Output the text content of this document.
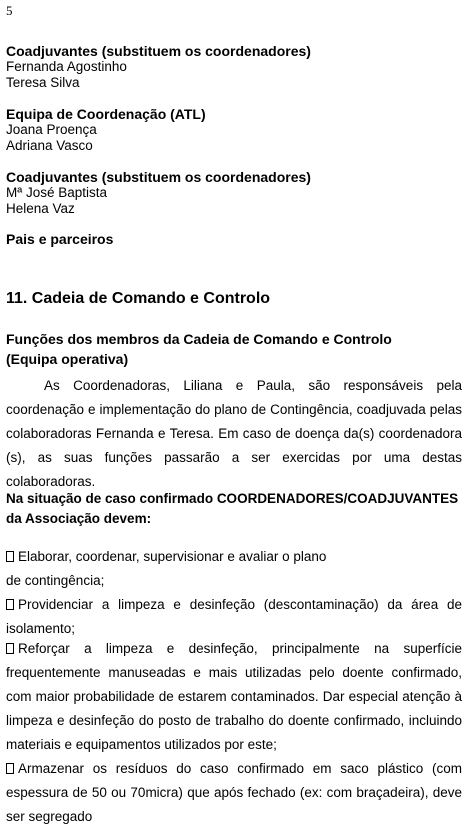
5

Coadjuvantes (substituem os coordenadores)

Fernanda Agostinho

Teresa Silva

Equipa de Coordenação (ATL)

Joana Proença

Adriana Vasco

Coadjuvantes (substituem os coordenadores)

Mª José Baptista

Helena Vaz

Pais e parceiros

11. Cadeia de Comando e Controlo
Funções dos membros da Cadeia de Comando e Controlo
(Equipa operativa)

As Coordenadoras, Liliana e Paula, são responsáveis pela coordenação e implementação do plano de Contingência, coadjuvada pelas colaboradoras Fernanda e Teresa. Em caso de doença da(s) coordenadora (s), as suas funções passarão a ser exercidas por uma destas colaboradoras.

Na situação de caso confirmado COORDENADORES/COADJUVANTES
da Associação devem:

Elaborar, coordenar, supervisionar e avaliar o plano
de contingência;
Providenciar a limpeza e desinfeção (descontaminação) da área de isolamento;
Reforçar a limpeza e desinfeção, principalmente na superfície frequentemente manuseadas e mais utilizadas pelo doente confirmado, com maior probabilidade de estarem contaminados. Dar especial atenção à limpeza e desinfeção do posto de trabalho do doente confirmado, incluindo materiais e equipamentos utilizados por este;
Armazenar os resíduos do caso confirmado em saco plástico (com espessura de 50 ou 70micra) que após fechado (ex: com braçadeira), deve ser segregado
